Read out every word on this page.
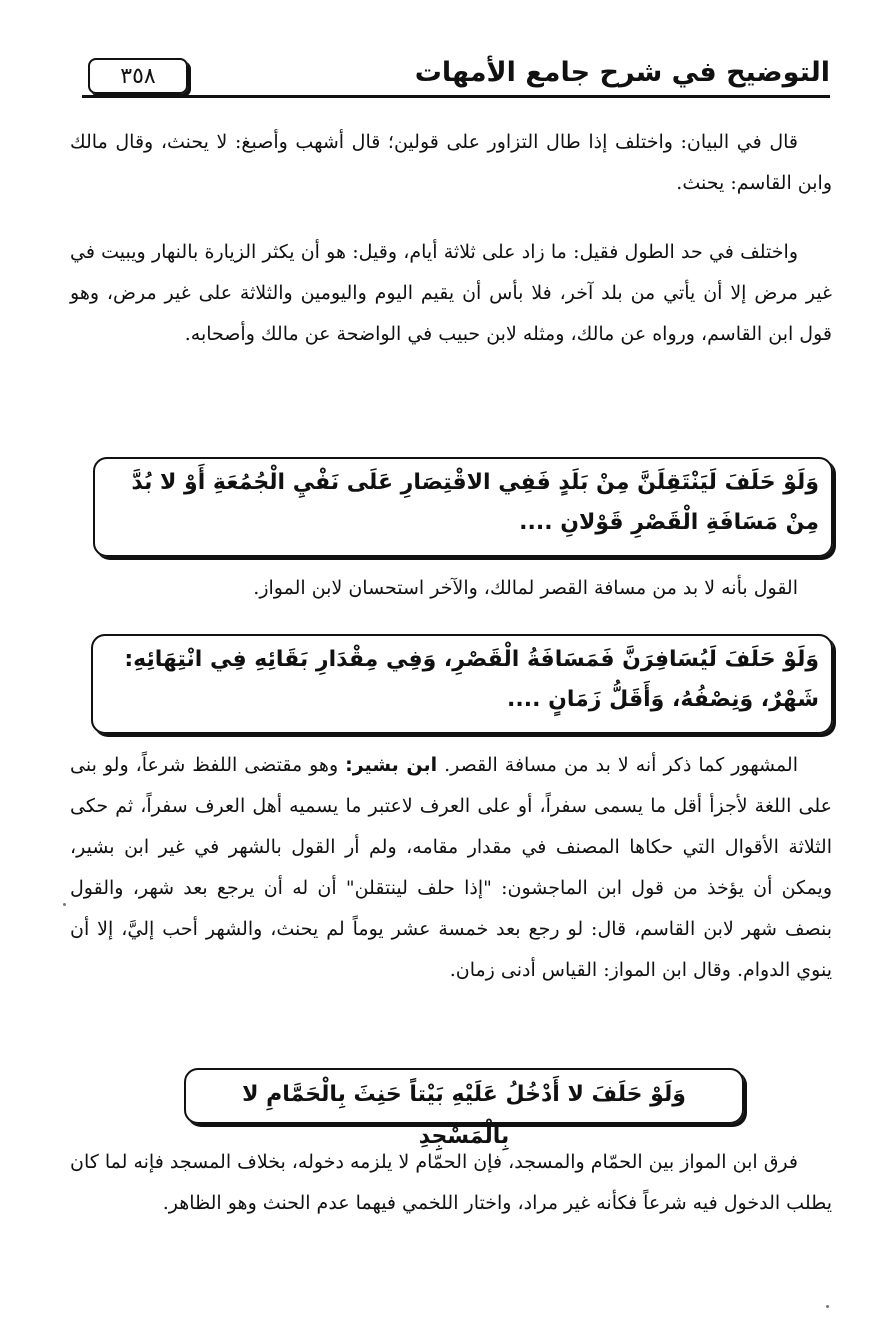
٣٥٨	التوضيح في شرح جامع الأمهات

قال في البيان: واختلف إذا طال التزاور على قولين؛ قال أشهب وأصبغ: لا يحنث، وقال مالك وابن القاسم: يحنث.

واختلف في حد الطول فقيل: ما زاد على ثلاثة أيام، وقيل: هو أن يكثر الزيارة بالنهار ويبيت في غير مرض إلا أن يأتي من بلد آخر، فلا بأس أن يقيم اليوم واليومين والثلاثة على غير مرض، وهو قول ابن القاسم، ورواه عن مالك، ومثله لابن حبيب في الواضحة عن مالك وأصحابه.

وَلَوْ حَلَفَ لَيَنْتَقِلَنَّ مِنْ بَلَدٍ فَفِي الاقْتِصَارِ عَلَى نَفْيِ الْجُمُعَةِ أَوْ لا بُدَّ مِنْ مَسَافَةِ الْقَصْرِ قَوْلانِ ....

القول بأنه لا بد من مسافة القصر لمالك، والآخر استحسان لابن المواز.

وَلَوْ حَلَفَ لَيُسَافِرَنَّ فَمَسَافَةُ الْقَصْرِ، وَفِي مِقْدَارِ بَقَائِهِ فِي انْتِهَائِهِ: شَهْرٌ، وَنِصْفُهُ، وَأَقَلُّ زَمَانٍ ....

المشهور كما ذكر أنه لا بد من مسافة القصر. ابن بشير: وهو مقتضى اللفظ شرعاً، ولو بنى على اللغة لأجزأ أقل ما يسمى سفراً، أو على العرف لاعتبر ما يسميه أهل العرف سفراً، ثم حكى الثلاثة الأقوال التي حكاها المصنف في مقدار مقامه، ولم أر القول بالشهر في غير ابن بشير، ويمكن أن يؤخذ من قول ابن الماجشون: "إذا حلف لينتقلن" أن له أن يرجع بعد شهر، والقول بنصف شهر لابن القاسم، قال: لو رجع بعد خمسة عشر يوماً لم يحنث، والشهر أحب إليَّ، إلا أن ينوي الدوام. وقال ابن المواز: القياس أدنى زمان.

وَلَوْ حَلَفَ لا أَدْخُلُ عَلَيْهِ بَيْتاً حَنِثَ بِالْحَمَّامِ لا بِالْمَسْجِدِ

فرق ابن المواز بين الحمّام والمسجد، فإن الحمّام لا يلزمه دخوله، بخلاف المسجد فإنه لما كان يطلب الدخول فيه شرعاً فكأنه غير مراد، واختار اللخمي فيهما عدم الحنث وهو الظاهر.
